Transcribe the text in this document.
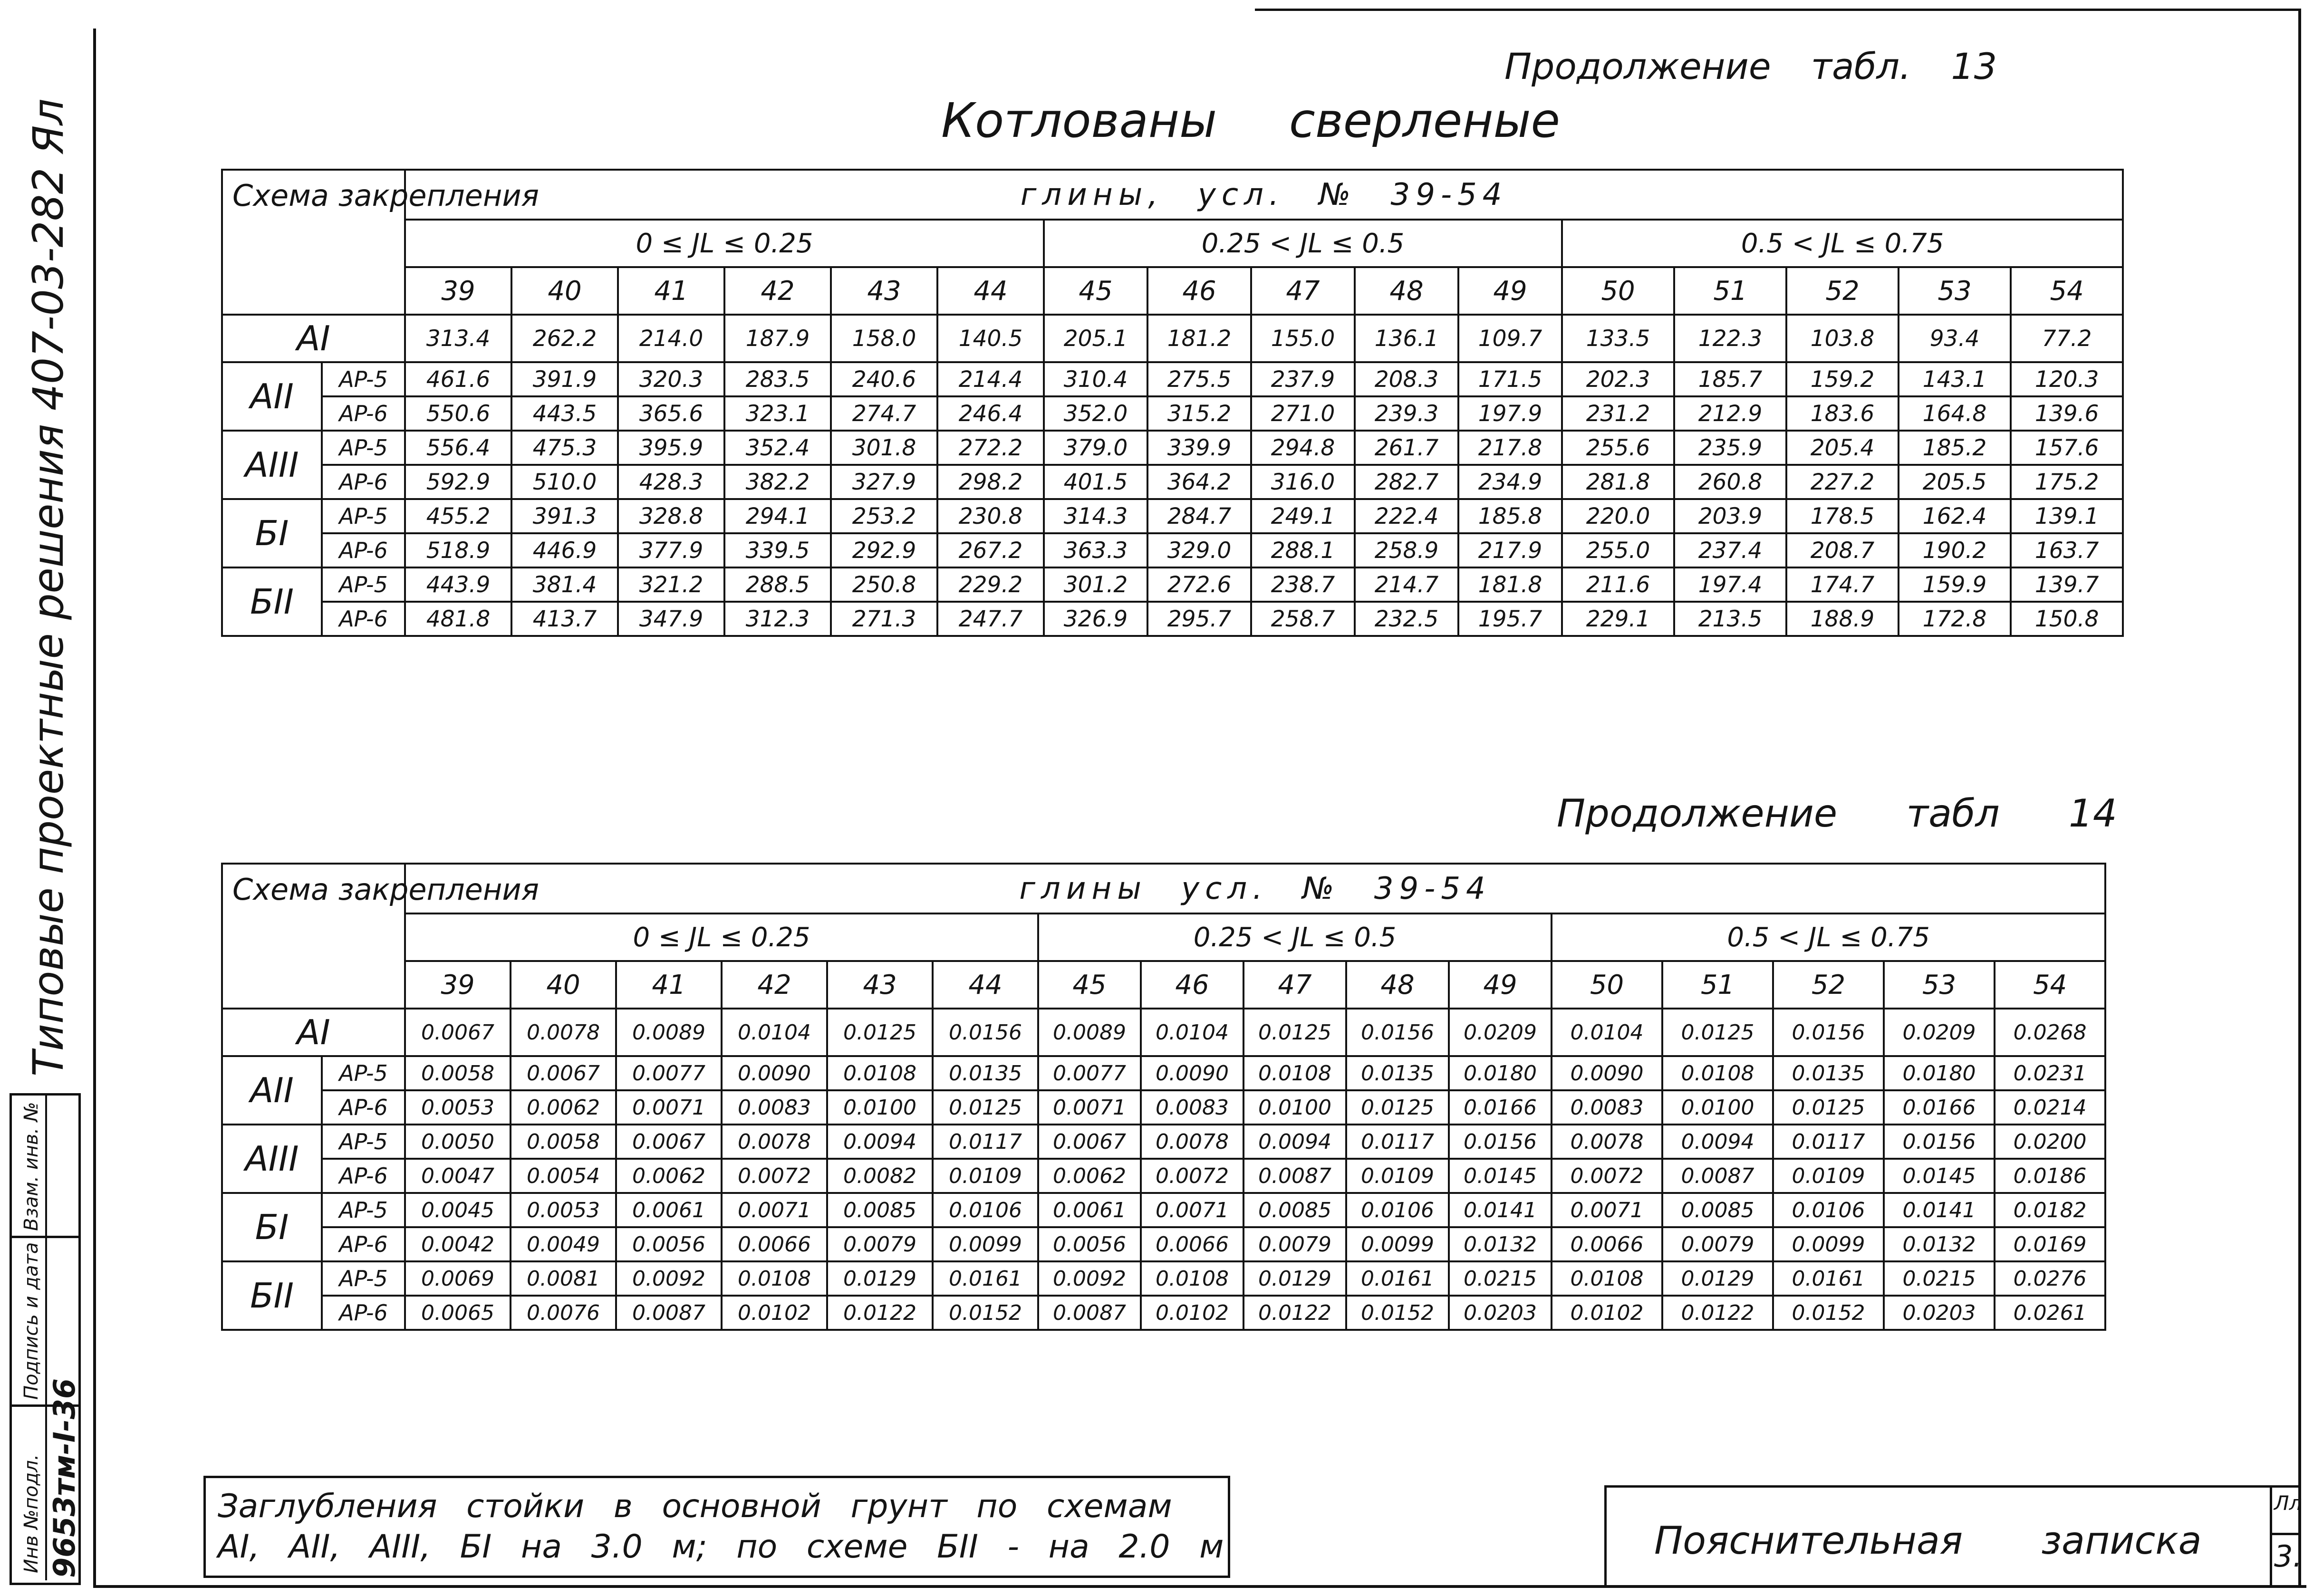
Типовые проектные решения 407-03-282 Ял
Взам. инв. №
Подпись и дата
Инв №подл. 9653тм-I-36
Продолжение табл. 13
Котлованы сверленые
Схема закрепления		глины, усл. № 39-54															
		0 ≤ JL ≤ 0.25						0.25 < JL ≤ 0.5					0.5 < JL ≤ 0.75				
		39	40	41	42	43	44	45	46	47	48	49	50	51	52	53	54
AI		313.4	262.2	214.0	187.9	158.0	140.5	205.1	181.2	155.0	136.1	109.7	133.5	122.3	103.8	93.4	77.2
AII	AP-5	461.6	391.9	320.3	283.5	240.6	214.4	310.4	275.5	237.9	208.3	171.5	202.3	185.7	159.2	143.1	120.3
	AP-6	550.6	443.5	365.6	323.1	274.7	246.4	352.0	315.2	271.0	239.3	197.9	231.2	212.9	183.6	164.8	139.6
AIII	AP-5	556.4	475.3	395.9	352.4	301.8	272.2	379.0	339.9	294.8	261.7	217.8	255.6	235.9	205.4	185.2	157.6
	AP-6	592.9	510.0	428.3	382.2	327.9	298.2	401.5	364.2	316.0	282.7	234.9	281.8	260.8	227.2	205.5	175.2
БI	AP-5	455.2	391.3	328.8	294.1	253.2	230.8	314.3	284.7	249.1	222.4	185.8	220.0	203.9	178.5	162.4	139.1
	AP-6	518.9	446.9	377.9	339.5	292.9	267.2	363.3	329.0	288.1	258.9	217.9	255.0	237.4	208.7	190.2	163.7
БII	AP-5	443.9	381.4	321.2	288.5	250.8	229.2	301.2	272.6	238.7	214.7	181.8	211.6	197.4	174.7	159.9	139.7
	AP-6	481.8	413.7	347.9	312.3	271.3	247.7	326.9	295.7	258.7	232.5	195.7	229.1	213.5	188.9	172.8	150.8
Продолжение табл 14
Схема закрепления		глины усл. № 39-54															
		0 ≤ JL ≤ 0.25						0.25 < JL ≤ 0.5					0.5 < JL ≤ 0.75				
		39	40	41	42	43	44	45	46	47	48	49	50	51	52	53	54
AI		0.0067	0.0078	0.0089	0.0104	0.0125	0.0156	0.0089	0.0104	0.0125	0.0156	0.0209	0.0104	0.0125	0.0156	0.0209	0.0268
AII	AP-5	0.0058	0.0067	0.0077	0.0090	0.0108	0.0135	0.0077	0.0090	0.0108	0.0135	0.0180	0.0090	0.0108	0.0135	0.0180	0.0231
	AP-6	0.0053	0.0062	0.0071	0.0083	0.0100	0.0125	0.0071	0.0083	0.0100	0.0125	0.0166	0.0083	0.0100	0.0125	0.0166	0.0214
AIII	AP-5	0.0050	0.0058	0.0067	0.0078	0.0094	0.0117	0.0067	0.0078	0.0094	0.0117	0.0156	0.0078	0.0094	0.0117	0.0156	0.0200
	AP-6	0.0047	0.0054	0.0062	0.0072	0.0082	0.0109	0.0062	0.0072	0.0087	0.0109	0.0145	0.0072	0.0087	0.0109	0.0145	0.0186
БI	AP-5	0.0045	0.0053	0.0061	0.0071	0.0085	0.0106	0.0061	0.0071	0.0085	0.0106	0.0141	0.0071	0.0085	0.0106	0.0141	0.0182
	AP-6	0.0042	0.0049	0.0056	0.0066	0.0079	0.0099	0.0056	0.0066	0.0079	0.0099	0.0132	0.0066	0.0079	0.0099	0.0132	0.0169
БII	AP-5	0.0069	0.0081	0.0092	0.0108	0.0129	0.0161	0.0092	0.0108	0.0129	0.0161	0.0215	0.0108	0.0129	0.0161	0.0215	0.0276
	AP-6	0.0065	0.0076	0.0087	0.0102	0.0122	0.0152	0.0087	0.0102	0.0122	0.0152	0.0203	0.0102	0.0122	0.0152	0.0203	0.0261
Заглубления стойки в основной грунт по схемам
AI, AII, AIII, БI на 3.0 м; по схеме БII - на 2.0 м	Пояснительная записка
Лл
3.
